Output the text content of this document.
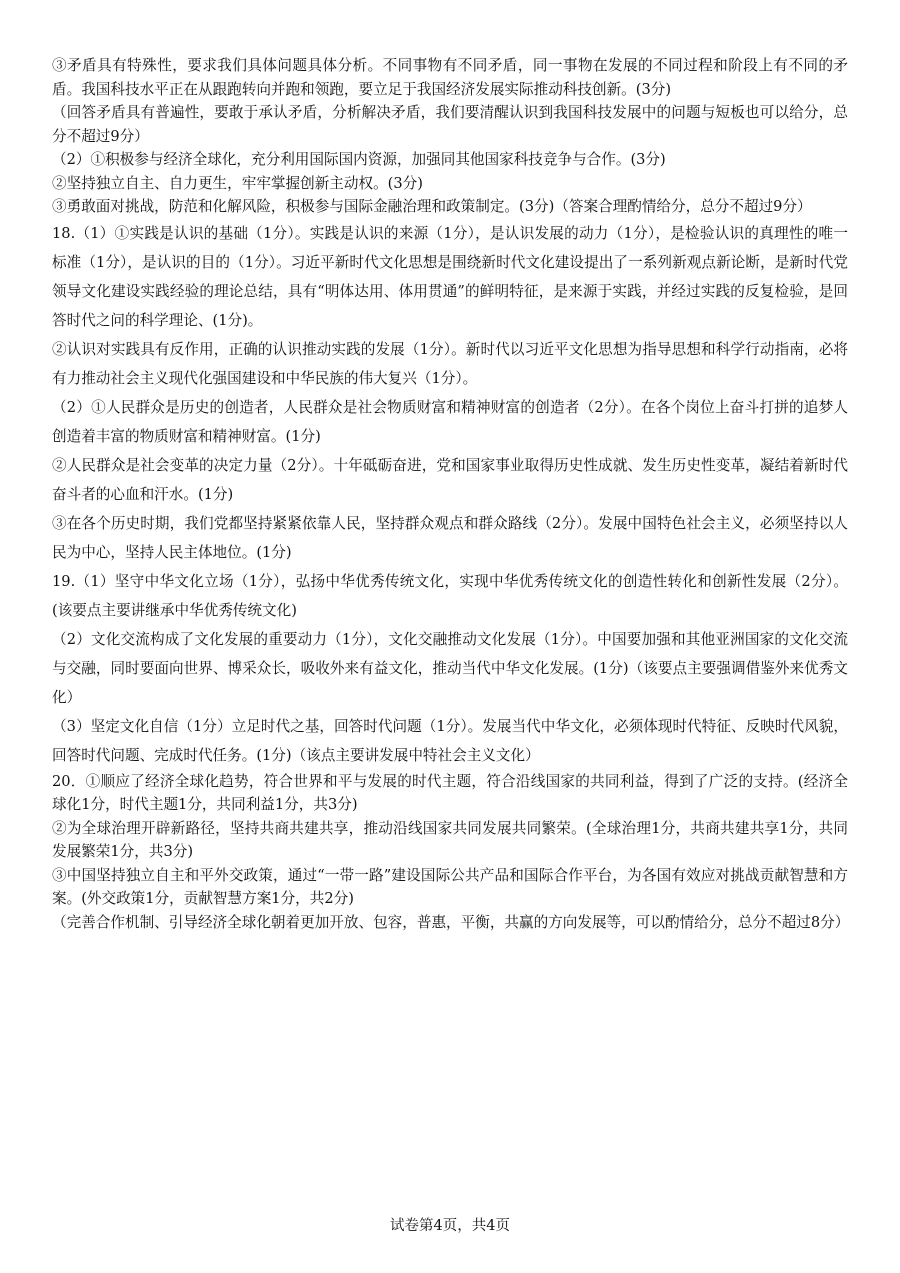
③矛盾具有特殊性，要求我们具体问题具体分析。不同事物有不同矛盾，同一事物在发展的不同过程和阶段上有不同的矛盾。我国科技水平正在从跟跑转向并跑和领跑，要立足于我国经济发展实际推动科技创新。(3分)

（回答矛盾具有普遍性，要敢于承认矛盾，分析解决矛盾，我们要清醒认识到我国科技发展中的问题与短板也可以给分，总分不超过9分）

（2）①积极参与经济全球化，充分利用国际国内资源，加强同其他国家科技竞争与合作。(3分)

②坚持独立自主、自力更生，牢牢掌握创新主动权。(3分)

③勇敢面对挑战，防范和化解风险，积极参与国际金融治理和政策制定。(3分)（答案合理酌情给分，总分不超过9分）

18.（1）①实践是认识的基础（1分）。实践是认识的来源（1分），是认识发展的动力（1分），是检验认识的真理性的唯一标准（1分），是认识的目的（1分）。习近平新时代文化思想是围绕新时代文化建设提出了一系列新观点新论断，是新时代党领导文化建设实践经验的理论总结，具有“明体达用、体用贯通”的鲜明特征，是来源于实践，并经过实践的反复检验，是回答时代之问的科学理论、(1分)。

②认识对实践具有反作用，正确的认识推动实践的发展（1分）。新时代以习近平文化思想为指导思想和科学行动指南，必将有力推动社会主义现代化强国建设和中华民族的伟大复兴（1分）。

（2）①人民群众是历史的创造者，人民群众是社会物质财富和精神财富的创造者（2分）。在各个岗位上奋斗打拼的追梦人创造着丰富的物质财富和精神财富。(1分)

②人民群众是社会变革的决定力量（2分）。十年砥砺奋进，党和国家事业取得历史性成就、发生历史性变革，凝结着新时代奋斗者的心血和汗水。(1分)

③在各个历史时期，我们党都坚持紧紧依靠人民，坚持群众观点和群众路线（2分）。发展中国特色社会主义，必须坚持以人民为中心，坚持人民主体地位。(1分)

19.（1）坚守中华文化立场（1分），弘扬中华优秀传统文化，实现中华优秀传统文化的创造性转化和创新性发展（2分）。(该要点主要讲继承中华优秀传统文化)

（2）文化交流构成了文化发展的重要动力（1分），文化交融推动文化发展（1分）。中国要加强和其他亚洲国家的文化交流与交融，同时要面向世界、博采众长，吸收外来有益文化，推动当代中华文化发展。(1分)（该要点主要强调借鉴外来优秀文化）

（3）坚定文化自信（1分）立足时代之基，回答时代问题（1分）。发展当代中华文化，必须体现时代特征、反映时代风貌，回答时代问题、完成时代任务。(1分)（该点主要讲发展中特社会主义文化）

20．①顺应了经济全球化趋势，符合世界和平与发展的时代主题，符合沿线国家的共同利益，得到了广泛的支持。(经济全球化1分，时代主题1分，共同利益1分，共3分)

②为全球治理开辟新路径，坚持共商共建共享，推动沿线国家共同发展共同繁荣。(全球治理1分，共商共建共享1分，共同发展繁荣1分，共3分)

③中国坚持独立自主和平外交政策，通过“一带一路”建设国际公共产品和国际合作平台，为各国有效应对挑战贡献智慧和方案。(外交政策1分，贡献智慧方案1分，共2分)

（完善合作机制、引导经济全球化朝着更加开放、包容，普惠，平衡，共赢的方向发展等，可以酌情给分，总分不超过8分）

试卷第4页，共4页
